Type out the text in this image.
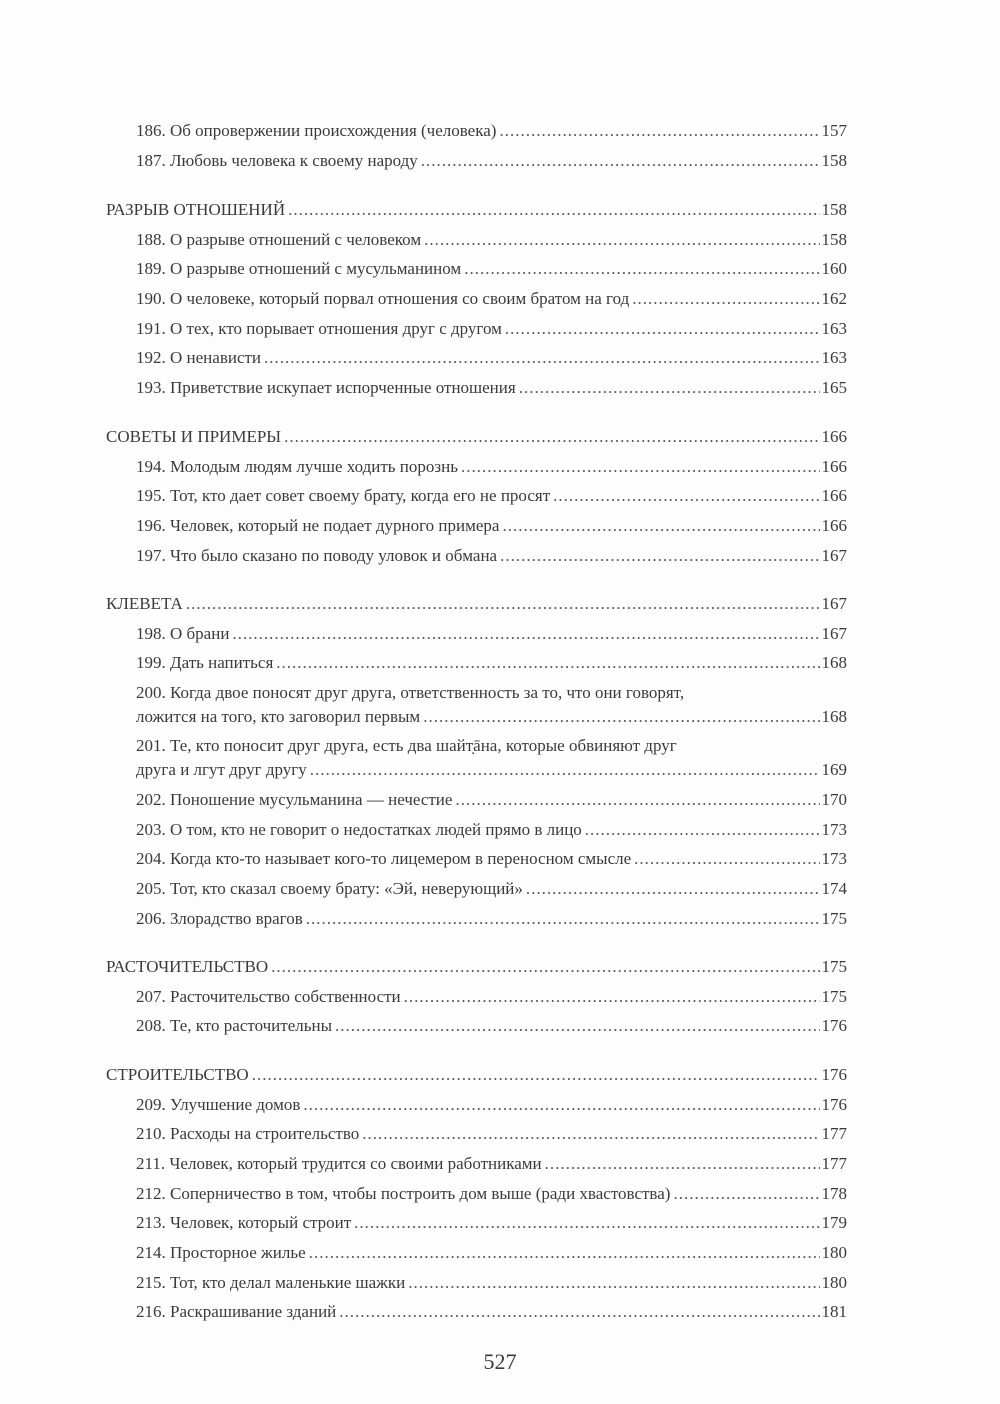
186. Об опровержении происхождения (человека) .....	157
187. Любовь человека к своему народу .....	158
РАЗРЫВ ОТНОШЕНИЙ .....	158
188. О разрыве отношений с человеком .....	158
189. О разрыве отношений с мусульманином .....	160
190. О человеке, который порвал отношения со своим братом на год .....	162
191. О тех, кто порывает отношения друг с другом .....	163
192. О ненависти .....	163
193. Приветствие искупает испорченные отношения .....	165
СОВЕТЫ И ПРИМЕРЫ .....	166
194. Молодым людям лучше ходить порознь .....	166
195. Тот, кто дает совет своему брату, когда его не просят .....	166
196. Человек, который не подает дурного примера .....	166
197. Что было сказано по поводу уловок и обмана .....	167
КЛЕВЕТА .....	167
198. О брани .....	167
199. Дать напиться .....	168
200. Когда двое поносят друг друга, ответственность за то, что они говорят,
ложится на того, кто заговорил первым .....	168
201. Те, кто поносит друг друга, есть два шайт̣āна, которые обвиняют друг
друга и лгут друг другу .....	169
202. Поношение мусульманина — нечестие .....	170
203. О том, кто не говорит о недостатках людей прямо в лицо .....	173
204. Когда кто-то называет кого-то лицемером в переносном смысле .....	173
205. Тот, кто сказал своему брату: «Эй, неверующий» .....	174
206. Злорадство врагов .....	175
РАСТОЧИТЕЛЬСТВО .....	175
207. Расточительство собственности .....	175
208. Те, кто расточительны .....	176
СТРОИТЕЛЬСТВО .....	176
209. Улучшение домов .....	176
210. Расходы на строительство .....	177
211. Человек, который трудится со своими работниками .....	177
212. Соперничество в том, чтобы построить дом выше (ради хвастовства) .....	178
213. Человек, который строит .....	179
214. Просторное жилье .....	180
215. Тот, кто делал маленькие шажки .....	180
216. Раскрашивание зданий .....	181
527
